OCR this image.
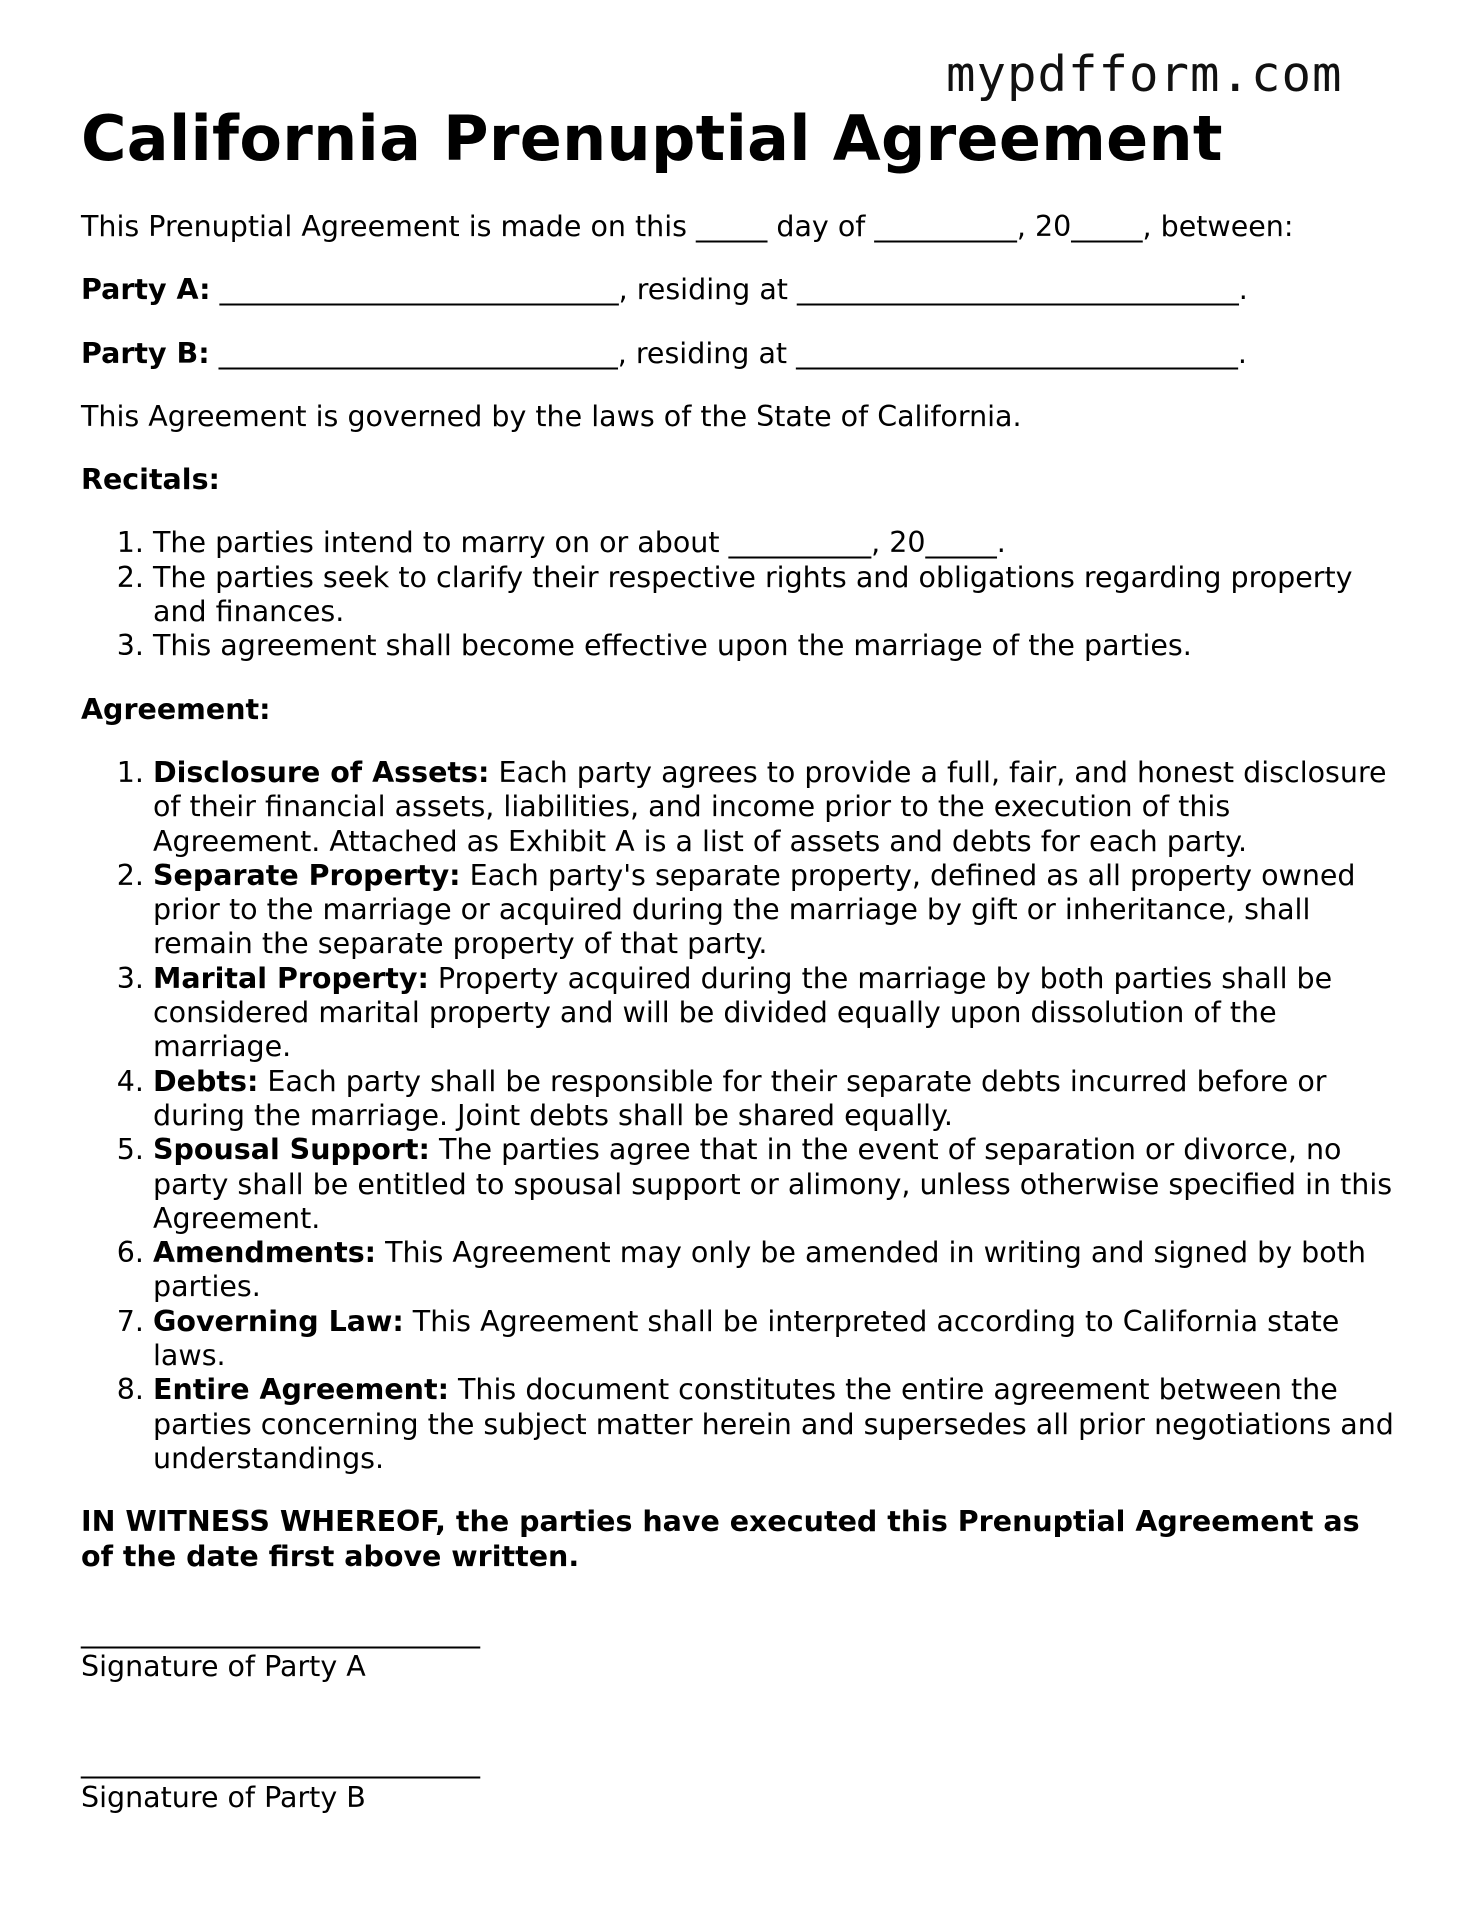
mypdfform.com
California Prenuptial Agreement

This Prenuptial Agreement is made on this _____ day of __________, 20_____, between:

Party A: ____________________________, residing at _______________________________.

Party B: ____________________________, residing at _______________________________.

This Agreement is governed by the laws of the State of California.

Recitals:

1. The parties intend to marry on or about __________, 20_____.
2. The parties seek to clarify their respective rights and obligations regarding property and finances.
3. This agreement shall become effective upon the marriage of the parties.

Agreement:

1. Disclosure of Assets: Each party agrees to provide a full, fair, and honest disclosure of their financial assets, liabilities, and income prior to the execution of this Agreement. Attached as Exhibit A is a list of assets and debts for each party.
2. Separate Property: Each party's separate property, defined as all property owned prior to the marriage or acquired during the marriage by gift or inheritance, shall remain the separate property of that party.
3. Marital Property: Property acquired during the marriage by both parties shall be considered marital property and will be divided equally upon dissolution of the marriage.
4. Debts: Each party shall be responsible for their separate debts incurred before or during the marriage. Joint debts shall be shared equally.
5. Spousal Support: The parties agree that in the event of separation or divorce, no party shall be entitled to spousal support or alimony, unless otherwise specified in this Agreement.
6. Amendments: This Agreement may only be amended in writing and signed by both parties.
7. Governing Law: This Agreement shall be interpreted according to California state laws.
8. Entire Agreement: This document constitutes the entire agreement between the parties concerning the subject matter herein and supersedes all prior negotiations and understandings.

IN WITNESS WHEREOF, the parties have executed this Prenuptial Agreement as of the date first above written.

____________________________
Signature of Party A
____________________________
Signature of Party B
